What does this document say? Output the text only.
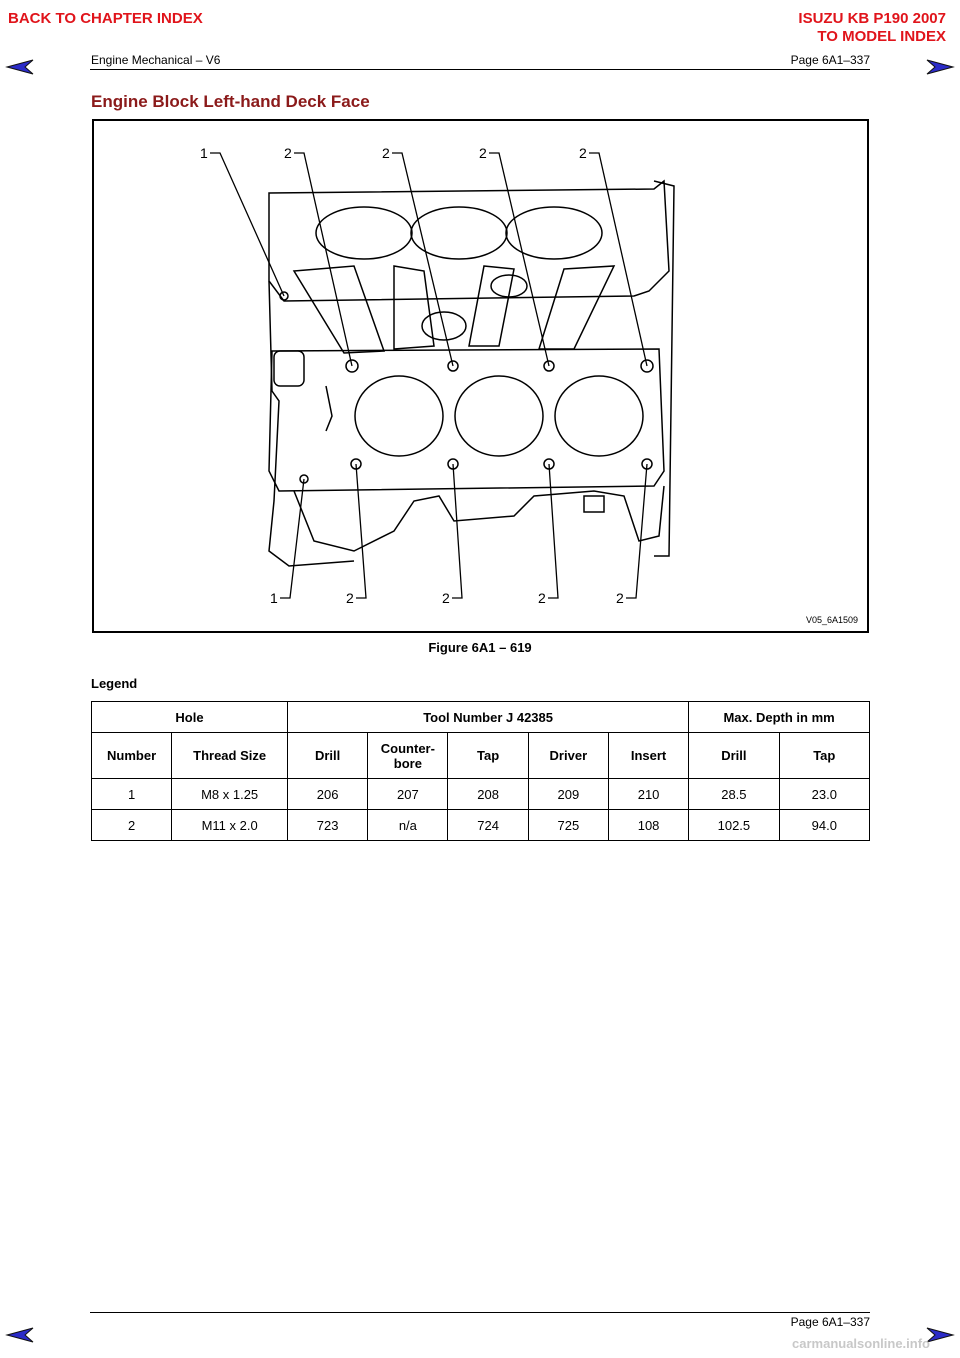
BACK TO CHAPTER INDEX	ISUZU KB P190 2007
TO MODEL INDEX
Engine Mechanical – V6	Page 6A1–337
Engine Block Left-hand Deck Face
1	2	2	2	2
1	2	2	2	2
V05_6A1509
Figure 6A1 – 619
Legend
Hole		Tool Number J 42385					Max. Depth in mm	
Number	Thread Size	Drill	Counter-
bore	Tap	Driver	Insert	Drill	Tap
1	M8 x 1.25	206	207	208	209	210	28.5	23.0
2	M11 x 2.0	723	n/a	724	725	108	102.5	94.0
Page 6A1–337
carmanualsonline.info
